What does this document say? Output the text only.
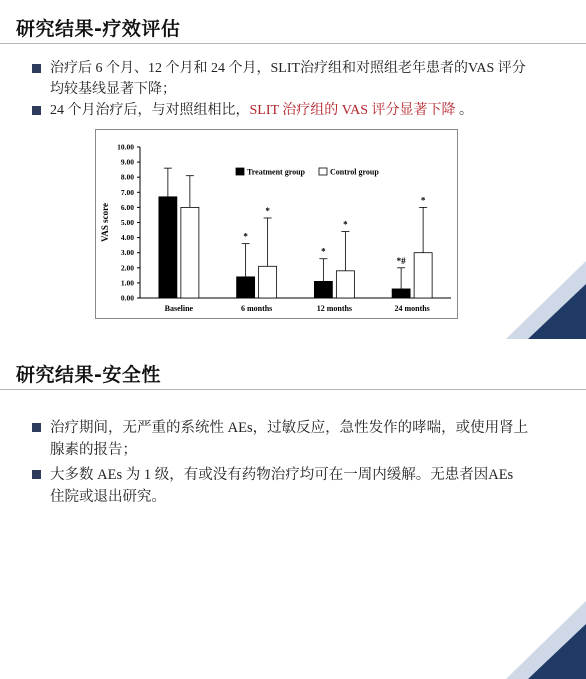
研究结果-疗效评估
治疗后 6 个月、12 个月和 24 个月，SLIT治疗组和对照组老年患者的VAS 评分均较基线显著下降；
24 个月治疗后，与对照组相比，SLIT 治疗组的 VAS 评分显著下降 。
0.00
1.00
2.00
3.00
4.00
5.00
6.00
7.00
8.00
9.00
10.00
VAS score
Baseline
*
*
6 months
*
*
12 months
*#
*
24 months
Treatment group	Control group
研究结果-安全性
治疗期间，无严重的系统性 AEs，过敏反应，急性发作的哮喘，或使用肾上腺素的报告；
大多数 AEs 为 1 级，有或没有药物治疗均可在一周内缓解。无患者因AEs 住院或退出研究。
